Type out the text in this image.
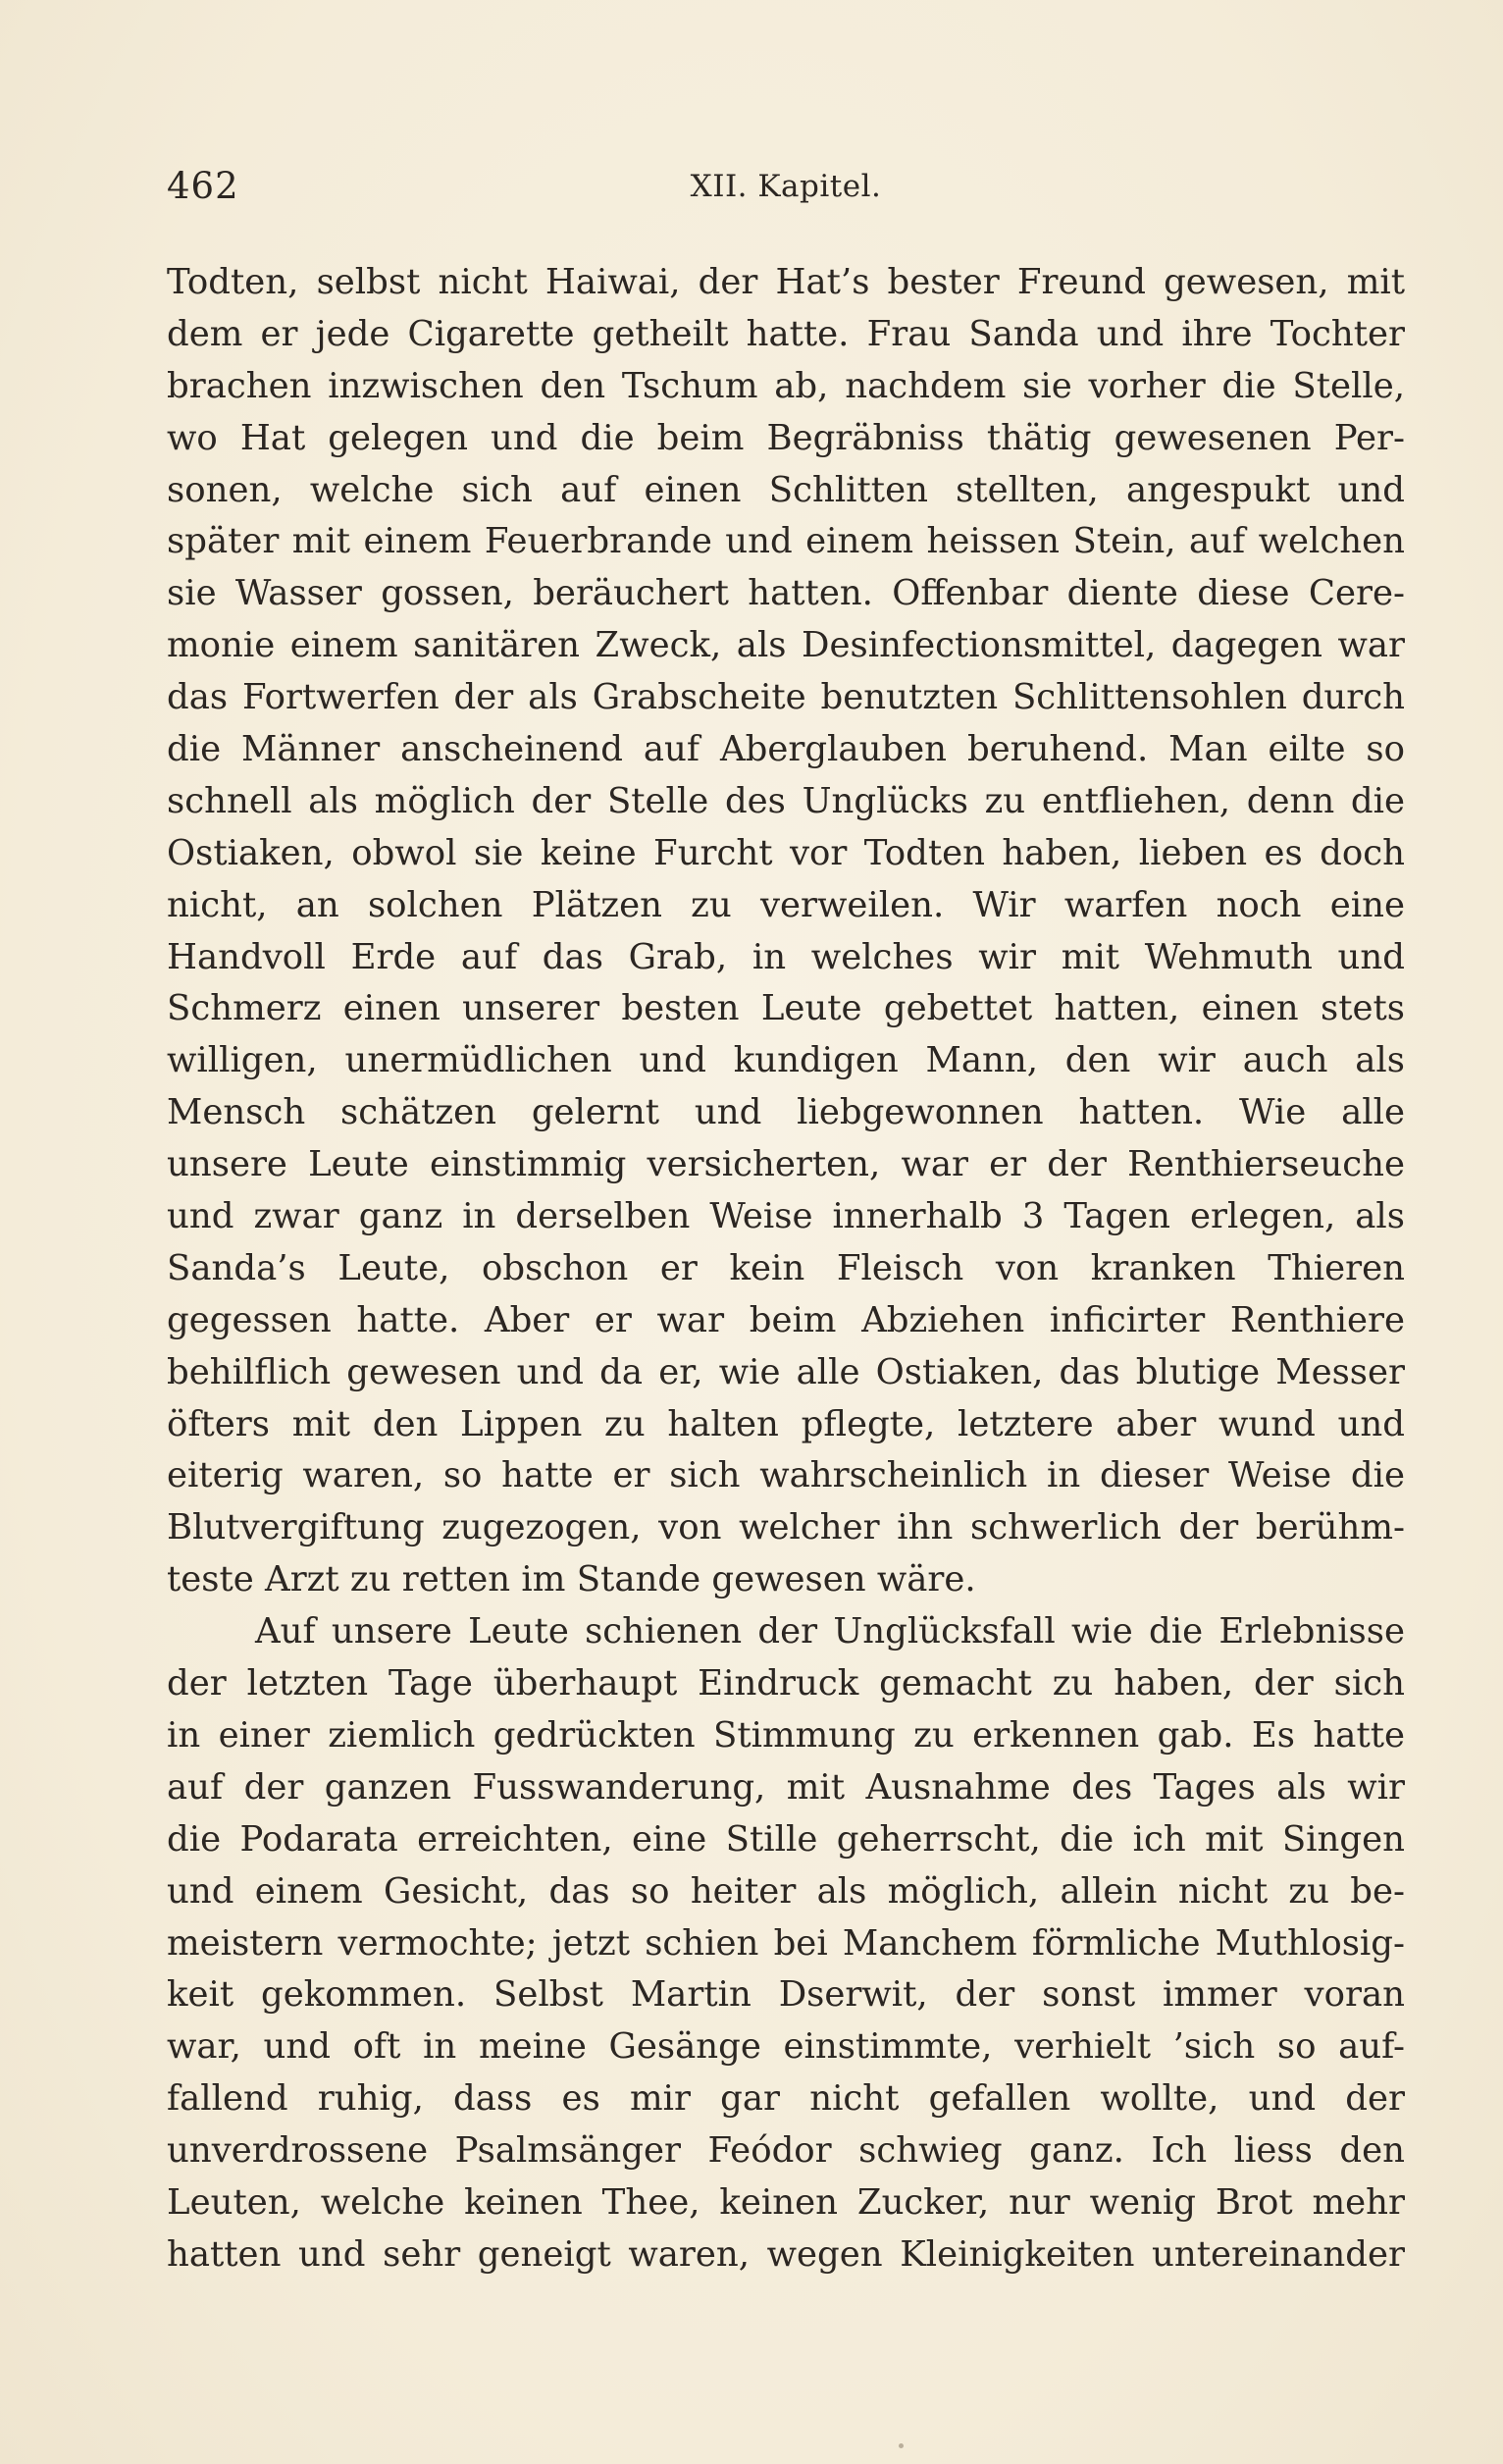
462	XII. Kapitel.
Todten, selbst nicht Haiwai, der Hat’s bester Freund gewesen, mit
dem er jede Cigarette getheilt hatte. Frau Sanda und ihre Tochter
brachen inzwischen den Tschum ab, nachdem sie vorher die Stelle,
wo Hat gelegen und die beim Begräbniss thätig gewesenen Per-
sonen, welche sich auf einen Schlitten stellten, angespukt und
später mit einem Feuerbrande und einem heissen Stein, auf welchen
sie Wasser gossen, beräuchert hatten. Offenbar diente diese Cere-
monie einem sanitären Zweck, als Desinfectionsmittel, dagegen war
das Fortwerfen der als Grabscheite benutzten Schlittensohlen durch
die Männer anscheinend auf Aberglauben beruhend. Man eilte so
schnell als möglich der Stelle des Unglücks zu entfliehen, denn die
Ostiaken, obwol sie keine Furcht vor Todten haben, lieben es doch
nicht, an solchen Plätzen zu verweilen. Wir warfen noch eine
Handvoll Erde auf das Grab, in welches wir mit Wehmuth und
Schmerz einen unserer besten Leute gebettet hatten, einen stets
willigen, unermüdlichen und kundigen Mann, den wir auch als
Mensch schätzen gelernt und liebgewonnen hatten. Wie alle
unsere Leute einstimmig versicherten, war er der Renthierseuche
und zwar ganz in derselben Weise innerhalb 3 Tagen erlegen, als
Sanda’s Leute, obschon er kein Fleisch von kranken Thieren
gegessen hatte. Aber er war beim Abziehen inficirter Renthiere
behilflich gewesen und da er, wie alle Ostiaken, das blutige Messer
öfters mit den Lippen zu halten pflegte, letztere aber wund und
eiterig waren, so hatte er sich wahrscheinlich in dieser Weise die
Blutvergiftung zugezogen, von welcher ihn schwerlich der berühm-
teste Arzt zu retten im Stande gewesen wäre.
Auf unsere Leute schienen der Unglücksfall wie die Erlebnisse
der letzten Tage überhaupt Eindruck gemacht zu haben, der sich
in einer ziemlich gedrückten Stimmung zu erkennen gab. Es hatte
auf der ganzen Fusswanderung, mit Ausnahme des Tages als wir
die Podarata erreichten, eine Stille geherrscht, die ich mit Singen
und einem Gesicht, das so heiter als möglich, allein nicht zu be-
meistern vermochte; jetzt schien bei Manchem förmliche Muthlosig-
keit gekommen. Selbst Martin Dserwit, der sonst immer voran
war, und oft in meine Gesänge einstimmte, verhielt ’sich so auf-
fallend ruhig, dass es mir gar nicht gefallen wollte, und der
unverdrossene Psalmsänger Feódor schwieg ganz. Ich liess den
Leuten, welche keinen Thee, keinen Zucker, nur wenig Brot mehr
hatten und sehr geneigt waren, wegen Kleinigkeiten untereinander
